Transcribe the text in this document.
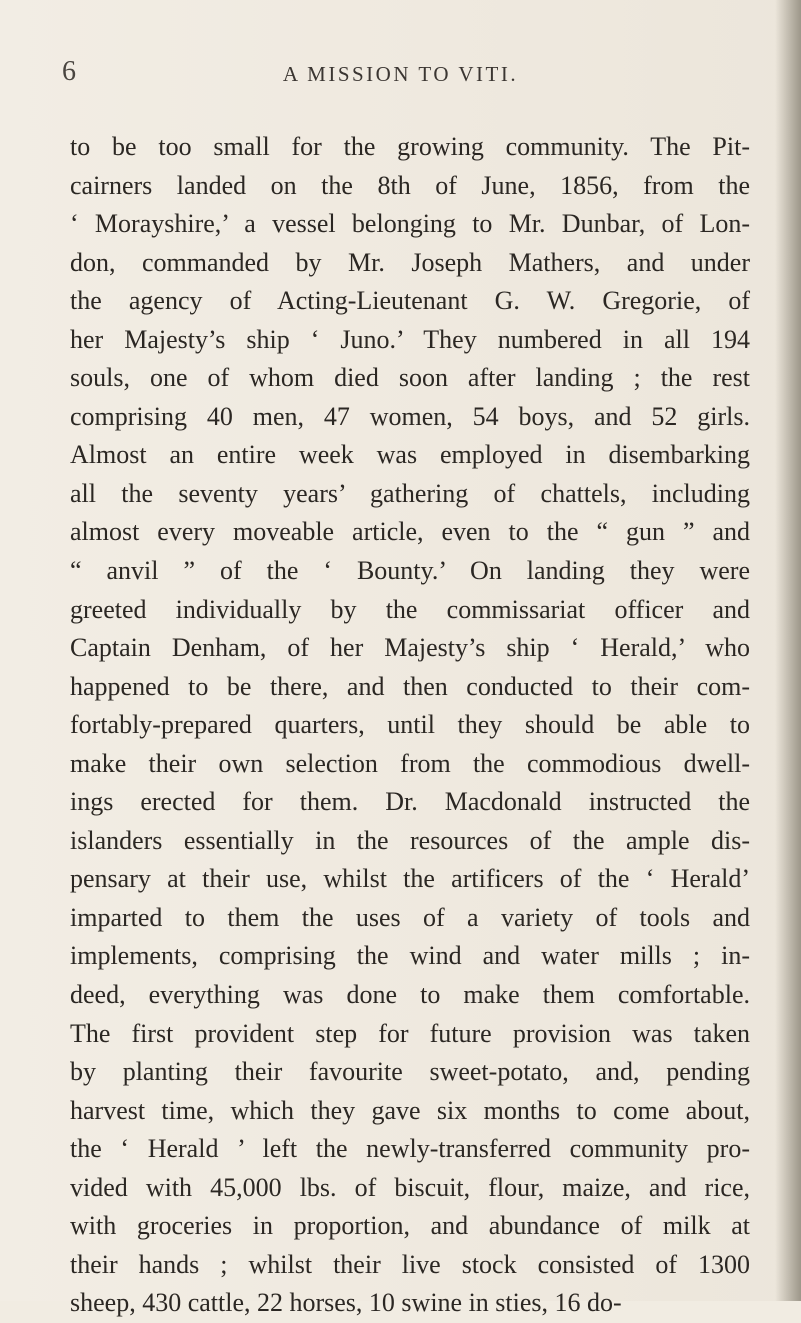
6	A MISSION TO VITI.
to be too small for the growing community. The Pit-
cairners landed on the 8th of June, 1856, from the
‘ Morayshire,’ a vessel belonging to Mr. Dunbar, of Lon-
don, commanded by Mr. Joseph Mathers, and under
the agency of Acting-Lieutenant G. W. Gregorie, of
her Majesty’s ship ‘ Juno.’ They numbered in all 194
souls, one of whom died soon after landing ; the rest
comprising 40 men, 47 women, 54 boys, and 52 girls.
Almost an entire week was employed in disembarking
all the seventy years’ gathering of chattels, including
almost every moveable article, even to the “ gun ” and
“ anvil ” of the ‘ Bounty.’ On landing they were
greeted individually by the commissariat officer and
Captain Denham, of her Majesty’s ship ‘ Herald,’ who
happened to be there, and then conducted to their com-
fortably-prepared quarters, until they should be able to
make their own selection from the commodious dwell-
ings erected for them. Dr. Macdonald instructed the
islanders essentially in the resources of the ample dis-
pensary at their use, whilst the artificers of the ‘ Herald’
imparted to them the uses of a variety of tools and
implements, comprising the wind and water mills ; in-
deed, everything was done to make them comfortable.
The first provident step for future provision was taken
by planting their favourite sweet-potato, and, pending
harvest time, which they gave six months to come about,
the ‘ Herald ’ left the newly-transferred community pro-
vided with 45,000 lbs. of biscuit, flour, maize, and rice,
with groceries in proportion, and abundance of milk at
their hands ; whilst their live stock consisted of 1300
sheep, 430 cattle, 22 horses, 10 swine in sties, 16 do-
